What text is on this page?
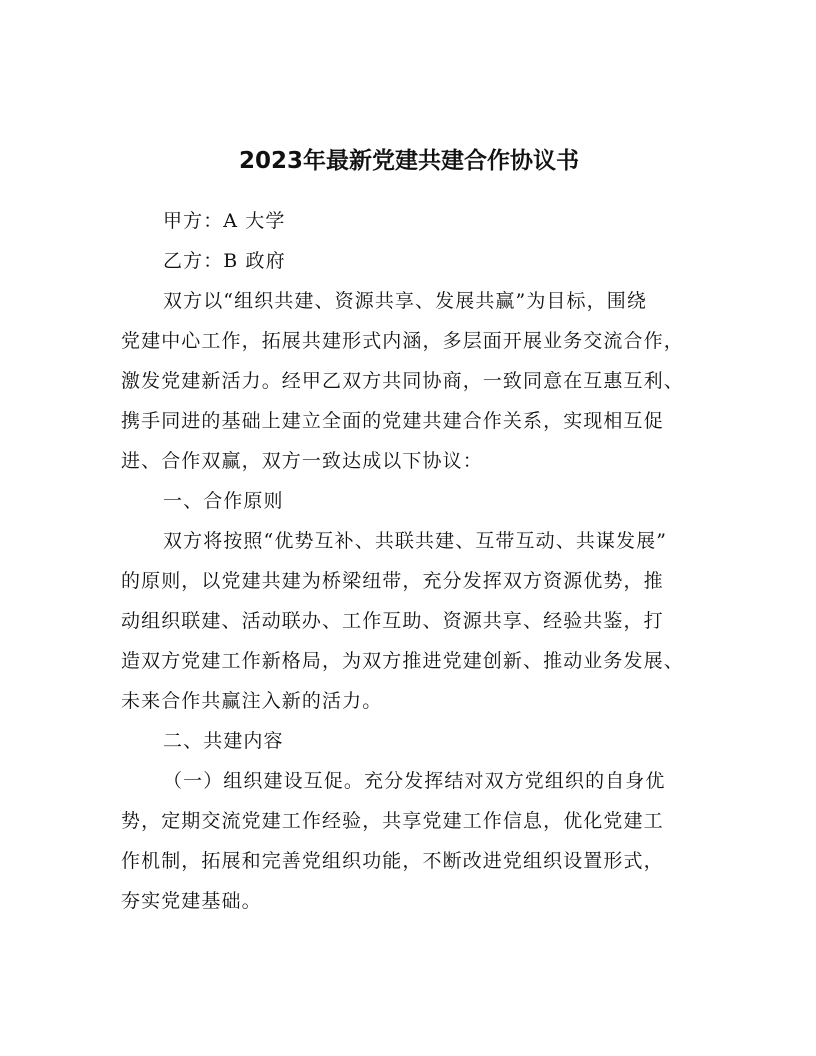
2023年最新党建共建合作协议书

甲方：A 大学

乙方：B 政府

双方以“组织共建、资源共享、发展共赢”为目标，围绕

党建中心工作，拓展共建形式内涵，多层面开展业务交流合作，

激发党建新活力。经甲乙双方共同协商，一致同意在互惠互利、

携手同进的基础上建立全面的党建共建合作关系，实现相互促

进、合作双赢，双方一致达成以下协议：

一、合作原则

双方将按照“优势互补、共联共建、互带互动、共谋发展”

的原则，以党建共建为桥梁纽带，充分发挥双方资源优势，推

动组织联建、活动联办、工作互助、资源共享、经验共鉴，打

造双方党建工作新格局，为双方推进党建创新、推动业务发展、

未来合作共赢注入新的活力。

二、共建内容

（一）组织建设互促。充分发挥结对双方党组织的自身优

势，定期交流党建工作经验，共享党建工作信息，优化党建工

作机制，拓展和完善党组织功能，不断改进党组织设置形式，

夯实党建基础。
